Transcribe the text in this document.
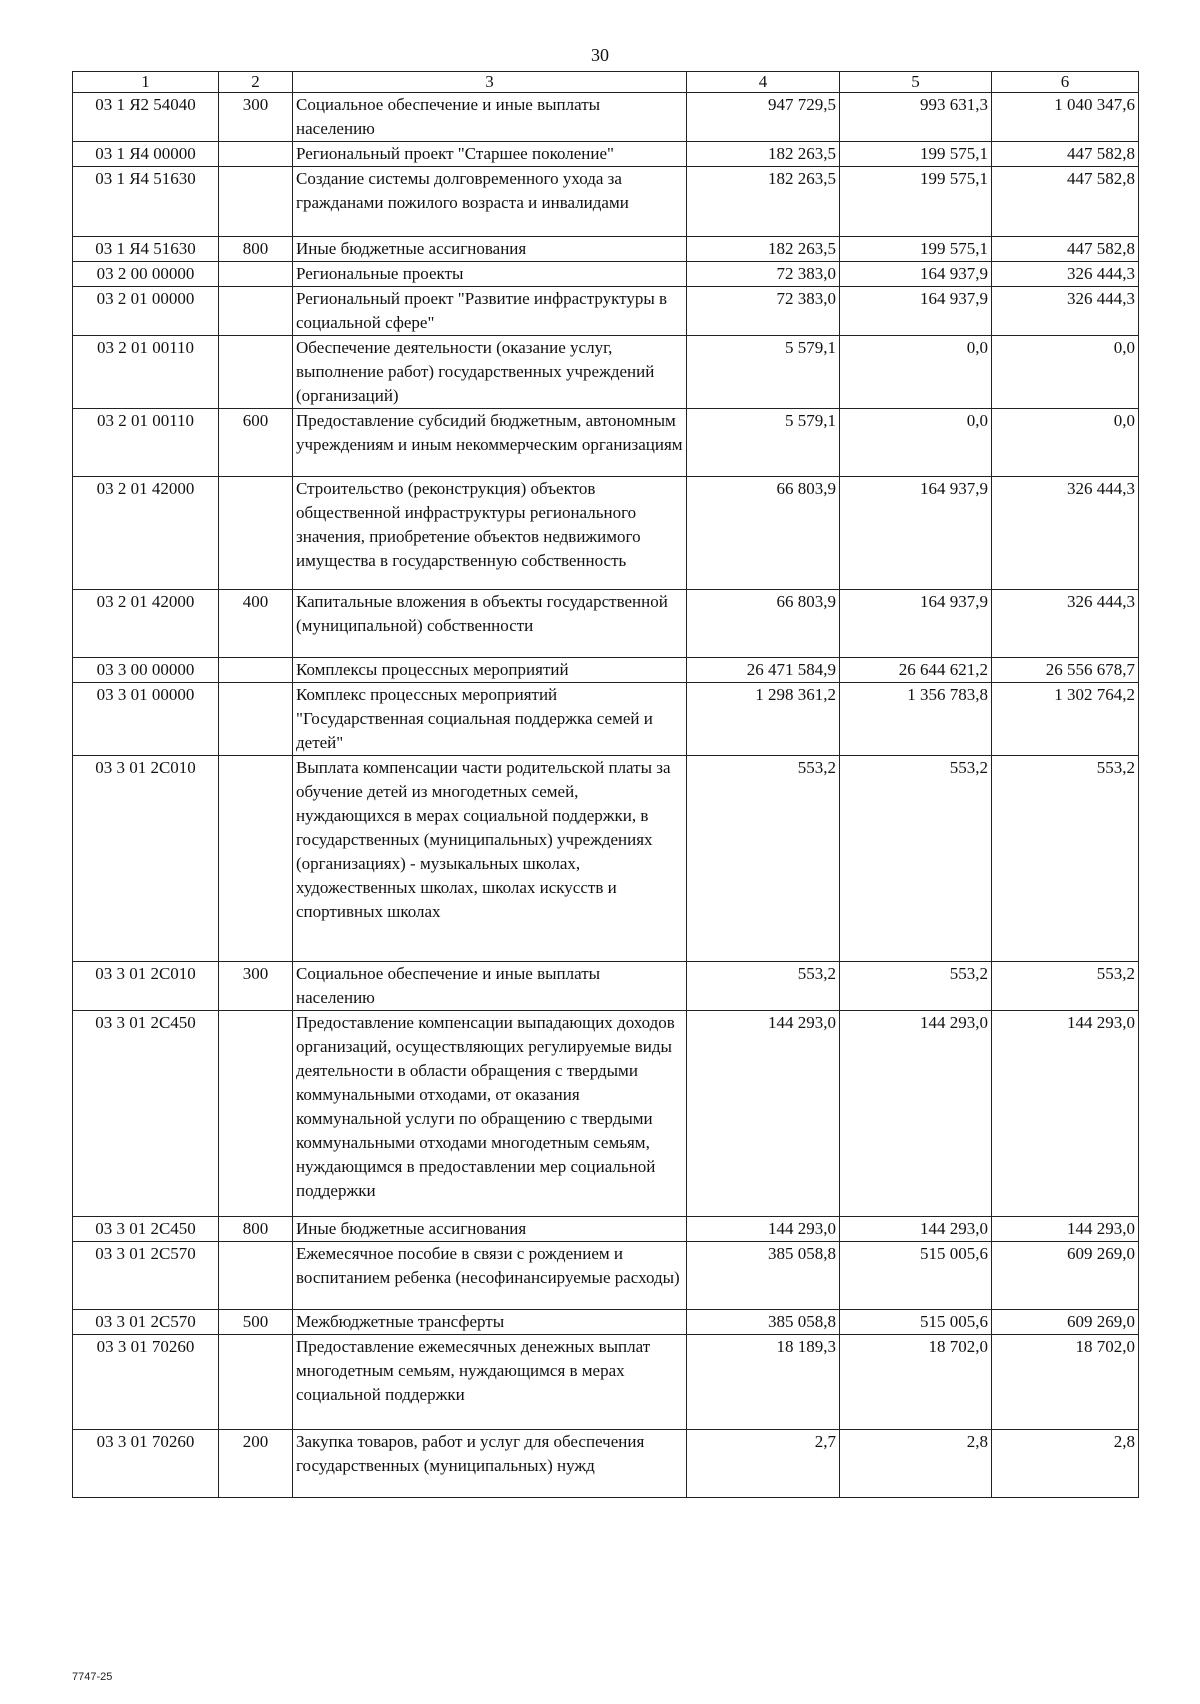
30
1	2	3	4	5	6
03 1 Я2 54040	300	Социальное обеспечение и иные выплаты населению	947 729,5	993 631,3	1 040 347,6
03 1 Я4 00000		Региональный проект "Старшее поколение"	182 263,5	199 575,1	447 582,8
03 1 Я4 51630		Создание системы долговременного ухода за гражданами пожилого возраста и инвалидами	182 263,5	199 575,1	447 582,8
03 1 Я4 51630	800	Иные бюджетные ассигнования	182 263,5	199 575,1	447 582,8
03 2 00 00000		Региональные проекты	72 383,0	164 937,9	326 444,3
03 2 01 00000		Региональный проект "Развитие инфраструктуры в социальной сфере"	72 383,0	164 937,9	326 444,3
03 2 01 00110		Обеспечение деятельности (оказание услуг, выполнение работ) государственных учреждений (организаций)	5 579,1	0,0	0,0
03 2 01 00110	600	Предоставление субсидий бюджетным, автономным учреждениям и иным некоммерческим организациям	5 579,1	0,0	0,0
03 2 01 42000		Строительство (реконструкция) объектов общественной инфраструктуры регионального значения, приобретение объектов недвижимого имущества в государственную собственность	66 803,9	164 937,9	326 444,3
03 2 01 42000	400	Капитальные вложения в объекты государственной (муниципальной) собственности	66 803,9	164 937,9	326 444,3
03 3 00 00000		Комплексы процессных мероприятий	26 471 584,9	26 644 621,2	26 556 678,7
03 3 01 00000		Комплекс процессных мероприятий "Государственная социальная поддержка семей и детей"	1 298 361,2	1 356 783,8	1 302 764,2
03 3 01 2С010		Выплата компенсации части родительской платы за обучение детей из многодетных семей, нуждающихся в мерах социальной поддержки, в государственных (муниципальных) учреждениях (организациях) - музыкальных школах, художественных школах, школах искусств и спортивных школах	553,2	553,2	553,2
03 3 01 2С010	300	Социальное обеспечение и иные выплаты населению	553,2	553,2	553,2
03 3 01 2С450		Предоставление компенсации выпадающих доходов организаций, осуществляющих регулируемые виды деятельности в области обращения с твердыми коммунальными отходами, от оказания коммунальной услуги по обращению с твердыми коммунальными отходами многодетным семьям, нуждающимся в предоставлении мер социальной поддержки	144 293,0	144 293,0	144 293,0
03 3 01 2С450	800	Иные бюджетные ассигнования	144 293,0	144 293,0	144 293,0
03 3 01 2С570		Ежемесячное пособие в связи с рождением и воспитанием ребенка (несофинансируемые расходы)	385 058,8	515 005,6	609 269,0
03 3 01 2С570	500	Межбюджетные трансферты	385 058,8	515 005,6	609 269,0
03 3 01 70260		Предоставление ежемесячных денежных выплат многодетным семьям, нуждающимся в мерах социальной поддержки	18 189,3	18 702,0	18 702,0
03 3 01 70260	200	Закупка товаров, работ и услуг для обеспечения государственных (муниципальных) нужд	2,7	2,8	2,8
7747-25
